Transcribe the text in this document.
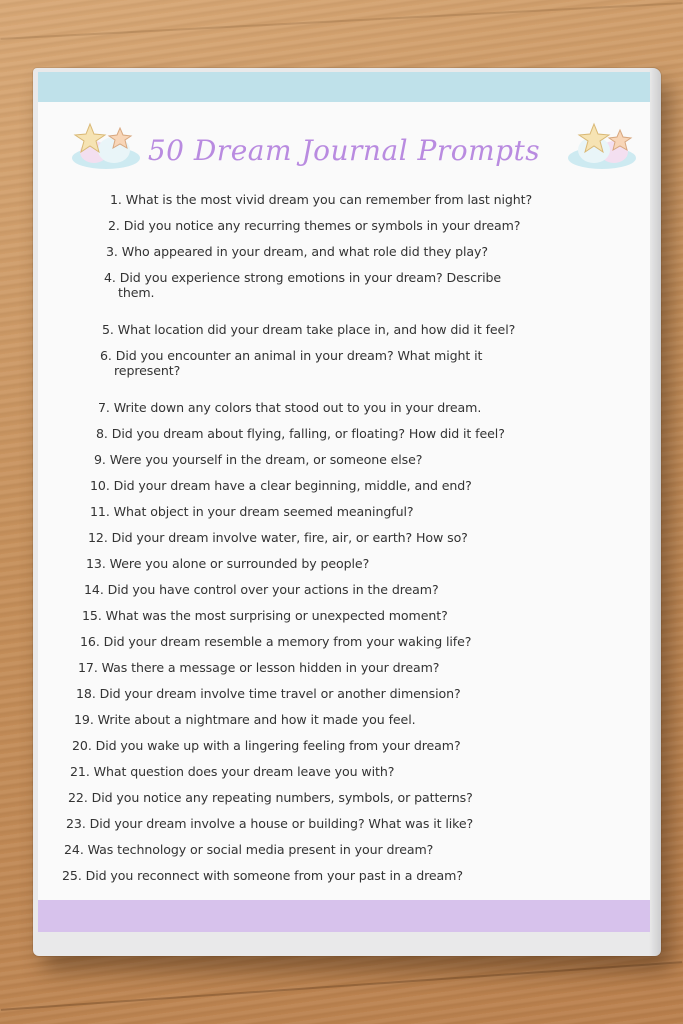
50 Dream Journal Prompts
1. What is the most vivid dream you can remember from last night?
2. Did you notice any recurring themes or symbols in your dream?
3. Who appeared in your dream, and what role did they play?
4. Did you experience strong emotions in your dream? Describe
them.
5. What location did your dream take place in, and how did it feel?
6. Did you encounter an animal in your dream? What might it
represent?
7. Write down any colors that stood out to you in your dream.
8. Did you dream about flying, falling, or floating? How did it feel?
9. Were you yourself in the dream, or someone else?
10. Did your dream have a clear beginning, middle, and end?
11. What object in your dream seemed meaningful?
12. Did your dream involve water, fire, air, or earth? How so?
13. Were you alone or surrounded by people?
14. Did you have control over your actions in the dream?
15. What was the most surprising or unexpected moment?
16. Did your dream resemble a memory from your waking life?
17. Was there a message or lesson hidden in your dream?
18. Did your dream involve time travel or another dimension?
19. Write about a nightmare and how it made you feel.
20. Did you wake up with a lingering feeling from your dream?
21. What question does your dream leave you with?
22. Did you notice any repeating numbers, symbols, or patterns?
23. Did your dream involve a house or building? What was it like?
24. Was technology or social media present in your dream?
25. Did you reconnect with someone from your past in a dream?
